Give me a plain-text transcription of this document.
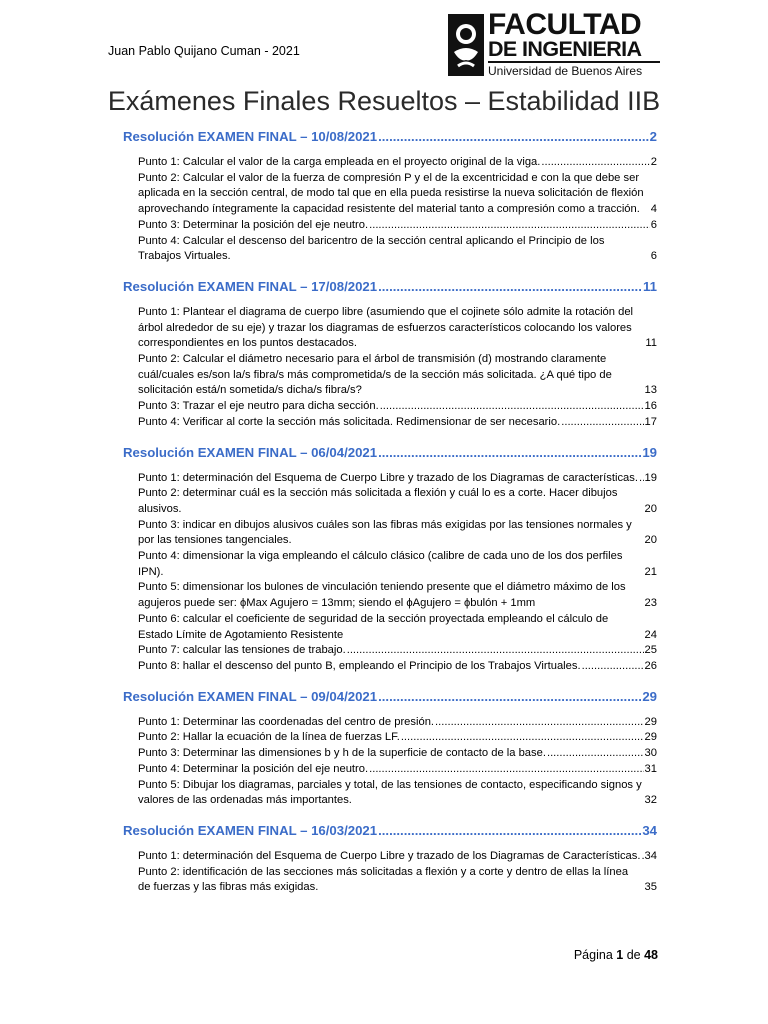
Juan Pablo Quijano Cuman - 2021
FACULTAD
DE INGENIERIA
Universidad de Buenos Aires
Exámenes Finales Resueltos – Estabilidad IIB
Resolución EXAMEN FINAL – 10/08/2021 .....	2
Punto 1: Calcular el valor de la carga empleada en el proyecto original de la viga. .....	2
Punto 2: Calcular el valor de la fuerza de compresión P y el de la excentricidad e con la que debe ser aplicada en la sección central, de modo tal que en ella pueda resistirse la nueva solicitación de flexión aprovechando íntegramente la capacidad resistente del material tanto a compresión como a tracción. 4
Punto 3: Determinar la posición del eje neutro. .....	6
Punto 4: Calcular el descenso del baricentro de la sección central aplicando el Principio de los Trabajos Virtuales.	6
Resolución EXAMEN FINAL – 17/08/2021 .....	11
Punto 1: Plantear el diagrama de cuerpo libre (asumiendo que el cojinete sólo admite la rotación del árbol alrededor de su eje) y trazar los diagramas de esfuerzos característicos colocando los valores correspondientes en los puntos destacados.	11
Punto 2: Calcular el diámetro necesario para el árbol de transmisión (d) mostrando claramente cuál/cuales es/son la/s fibra/s más comprometida/s de la sección más solicitada. ¿A qué tipo de solicitación está/n sometida/s dicha/s fibra/s?	13
Punto 3: Trazar el eje neutro para dicha sección. .....	16
Punto 4: Verificar al corte la sección más solicitada. Redimensionar de ser necesario. .....	17
Resolución EXAMEN FINAL – 06/04/2021 .....	19
Punto 1: determinación del Esquema de Cuerpo Libre y trazado de los Diagramas de características. ..... 19
Punto 2: determinar cuál es la sección más solicitada a flexión y cuál lo es a corte. Hacer dibujos alusivos.	20
Punto 3: indicar en dibujos alusivos cuáles son las fibras más exigidas por las tensiones normales y por las tensiones tangenciales.	20
Punto 4: dimensionar la viga empleando el cálculo clásico (calibre de cada uno de los dos perfiles IPN).	21
Punto 5: dimensionar los bulones de vinculación teniendo presente que el diámetro máximo de los agujeros puede ser: ϕMax Agujero = 13mm; siendo el ϕAgujero = ϕbulón + 1mm	23
Punto 6: calcular el coeficiente de seguridad de la sección proyectada empleando el cálculo de Estado Límite de Agotamiento Resistente	24
Punto 7: calcular las tensiones de trabajo. .....	25
Punto 8: hallar el descenso del punto B, empleando el Principio de los Trabajos Virtuales. .....	26
Resolución EXAMEN FINAL – 09/04/2021 .....	29
Punto 1: Determinar las coordenadas del centro de presión. .....	29
Punto 2: Hallar la ecuación de la línea de fuerzas LF. .....	29
Punto 3: Determinar las dimensiones b y h de la superficie de contacto de la base. .....	30
Punto 4: Determinar la posición del eje neutro. .....	31
Punto 5: Dibujar los diagramas, parciales y total, de las tensiones de contacto, especificando signos y valores de las ordenadas más importantes.	32
Resolución EXAMEN FINAL – 16/03/2021 .....	34
Punto 1: determinación del Esquema de Cuerpo Libre y trazado de los Diagramas de Características. ..... 34
Punto 2: identificación de las secciones más solicitadas a flexión y a corte y dentro de ellas la línea de fuerzas y las fibras más exigidas.	35
Página 1 de 48
